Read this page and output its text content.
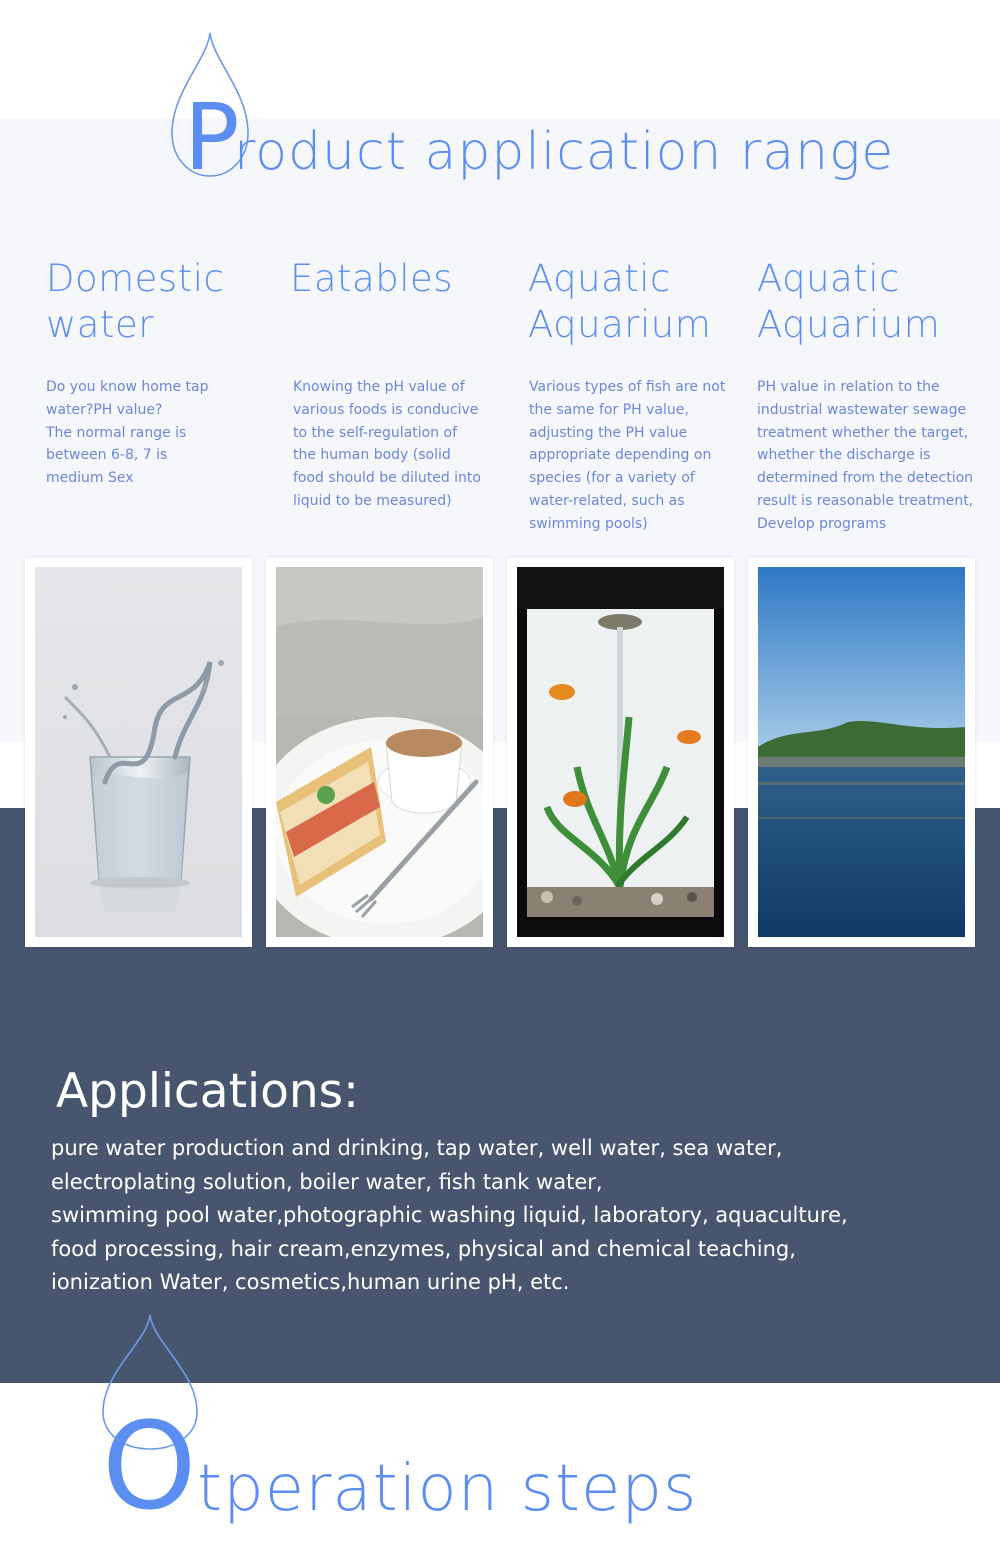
P
roduct application range
Domestic
water
Eatables Aquatic
Aquarium
Aquatic
Aquarium
Do you know home tap
water?PH value?
The normal range is
between 6-8, 7 is
medium Sex
Knowing the pH value of
various foods is conducive
to the self-regulation of
the human body (solid
food should be diluted into
liquid to be measured)
Various types of fish are not
the same for PH value,
adjusting the PH value
appropriate depending on
species (for a variety of
water-related, such as
swimming pools)
PH value in relation to the
industrial wastewater sewage
treatment whether the target,
whether the discharge is
determined from the detection
result is reasonable treatment,
Develop programs
Applications:
pure water production and drinking, tap water, well water, sea water,
electroplating solution, boiler water, fish tank water,
swimming pool water,photographic washing liquid, laboratory, aquaculture,
food processing, hair cream,enzymes, physical and chemical teaching,
ionization Water, cosmetics,human urine pH, etc.
O tperation steps
